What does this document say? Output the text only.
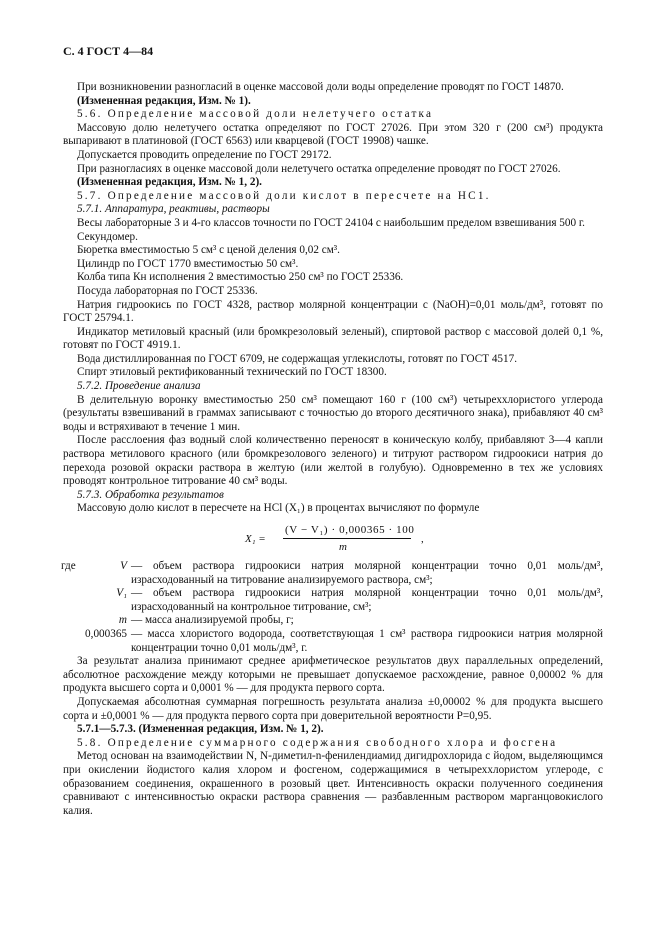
С. 4 ГОСТ 4—84

При возникновении разногласий в оценке массовой доли воды определение проводят по ГОСТ 14870.

(Измененная редакция, Изм. № 1).

5.6. Определение массовой доли нелетучего остатка

Массовую долю нелетучего остатка определяют по ГОСТ 27026. При этом 320 г (200 см³) продукта выпаривают в платиновой (ГОСТ 6563) или кварцевой (ГОСТ 19908) чашке.

Допускается проводить определение по ГОСТ 29172.

При разногласиях в оценке массовой доли нелетучего остатка определение проводят по ГОСТ 27026.

(Измененная редакция, Изм. № 1, 2).

5.7. Определение массовой доли кислот в пересчете на НС1.

5.7.1. Аппаратура, реактивы, растворы

Весы лабораторные 3 и 4-го классов точности по ГОСТ 24104 с наибольшим пределом взвешивания 500 г.

Секундомер.

Бюретка вместимостью 5 см³ с ценой деления 0,02 см³.

Цилиндр по ГОСТ 1770 вместимостью 50 см³.

Колба типа Кн исполнения 2 вместимостью 250 см³ по ГОСТ 25336.

Посуда лабораторная по ГОСТ 25336.

Натрия гидроокись по ГОСТ 4328, раствор молярной концентрации с (NaOH)=0,01 моль/дм³, готовят по ГОСТ 25794.1.

Индикатор метиловый красный (или бромкрезоловый зеленый), спиртовой раствор с массовой долей 0,1 %, готовят по ГОСТ 4919.1.

Вода дистиллированная по ГОСТ 6709, не содержащая углекислоты, готовят по ГОСТ 4517.

Спирт этиловый ректификованный технический по ГОСТ 18300.

5.7.2. Проведение анализа

В делительную воронку вместимостью 250 см³ помещают 160 г (100 см³) четыреххлористого углерода (результаты взвешиваний в граммах записывают с точностью до второго десятичного знака), прибавляют 40 см³ воды и встряхивают в течение 1 мин.

После расслоения фаз водный слой количественно переносят в коническую колбу, прибавляют 3—4 капли раствора метилового красного (или бромкрезолового зеленого) и титруют раствором гидроокиси натрия до перехода розовой окраски раствора в желтую (или желтой в голубую). Одновременно в тех же условиях проводят контрольное титрование 40 см³ воды.

5.7.3. Обработка результатов

Массовую долю кислот в пересчете на НСl (X₁) в процентах вычисляют по формуле

X₁ =
(V − V₁) · 0,000365 · 100
m
,
где	V — объем раствора гидроокиси натрия молярной концентрации точно 0,01 моль/дм³, израсходованный на титрование анализируемого раствора, см³;
V₁ — объем раствора гидроокиси натрия молярной концентрации точно 0,01 моль/дм³, израсходованный на контрольное титрование, см³;
m — масса анализируемой пробы, г;
0,000365 — масса хлористого водорода, соответствующая 1 см³ раствора гидроокиси натрия молярной концентрации точно 0,01 моль/дм³, г.

За результат анализа принимают среднее арифметическое результатов двух параллельных определений, абсолютное расхождение между которыми не превышает допускаемое расхождение, равное 0,00002 % для продукта высшего сорта и 0,0001 % — для продукта первого сорта.

Допускаемая абсолютная суммарная погрешность результата анализа ±0,00002 % для продукта высшего сорта и ±0,0001 % — для продукта первого сорта при доверительной вероятности Р=0,95.

5.7.1—5.7.3. (Измененная редакция, Изм. № 1, 2).

5.8. Определение суммарного содержания свободного хлора и фосгена

Метод основан на взаимодействии N, N-диметил-n-фенилендиамид дигидрохлорида с йодом, выделяющимся при окислении йодистого калия хлором и фосгеном, содержащимися в четыреххлористом углероде, с образованием соединения, окрашенного в розовый цвет. Интенсивность окраски полученного соединения сравнивают с интенсивностью окраски раствора сравнения — разбавленным раствором марганцовокислого калия.
